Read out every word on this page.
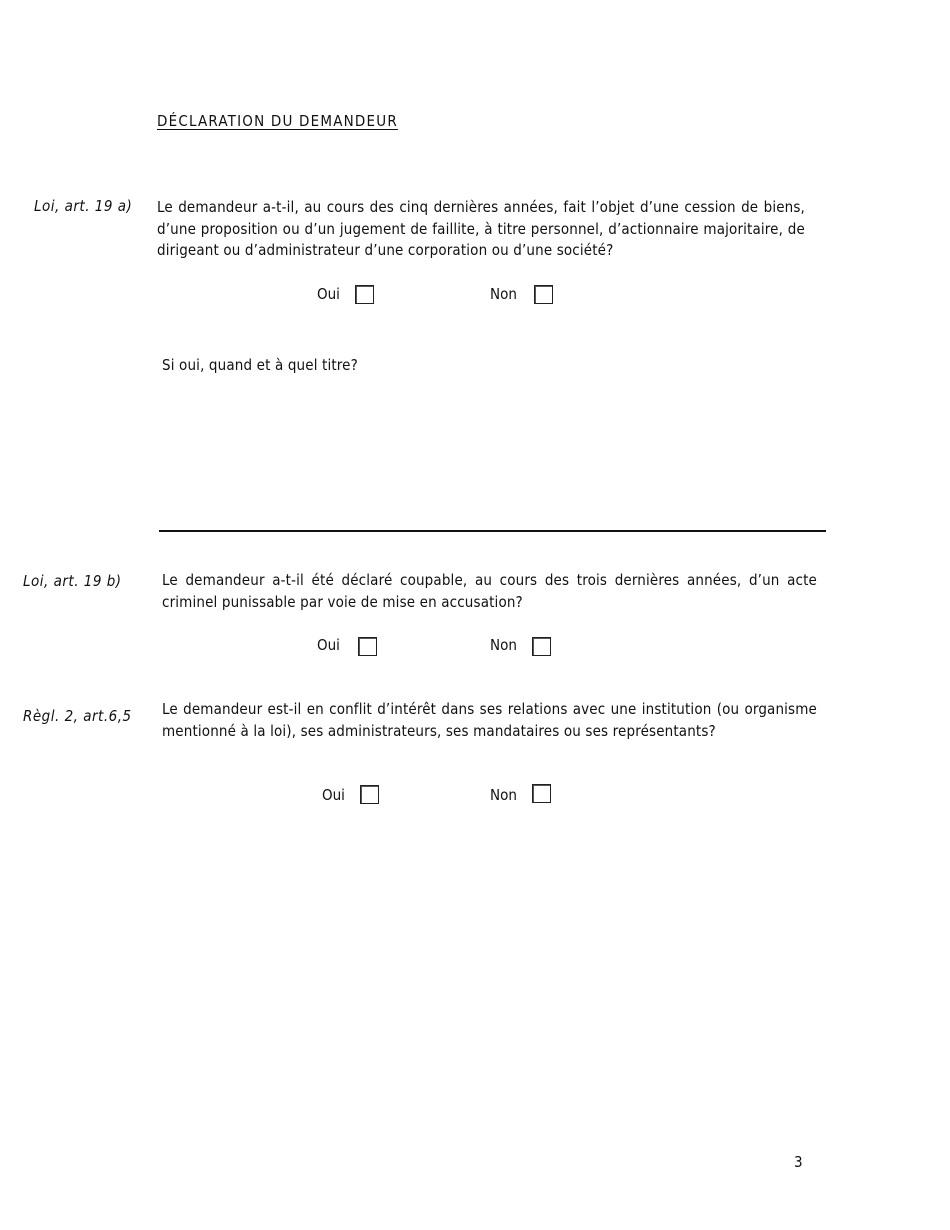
DÉCLARATION DU DEMANDEUR
Loi, art. 19 a) Le demandeur a-t-il, au cours des cinq dernières années, fait l’objet d’une cession de biens, d’une proposition ou d’un jugement de faillite, à titre personnel, d’actionnaire majoritaire, de dirigeant ou d’administrateur d’une corporation ou d’une société?
Oui	Non
Si oui, quand et à quel titre?
Loi, art. 19 b)	Le demandeur a-t-il été déclaré coupable, au cours des trois dernières années, d’un acte criminel punissable par voie de mise en accusation?
Oui	Non
Règl. 2, art.6,5 Le demandeur est-il en conflit d’intérêt dans ses relations avec une institution (ou organisme mentionné à la loi), ses administrateurs, ses mandataires ou ses représentants?
Oui	Non
3
